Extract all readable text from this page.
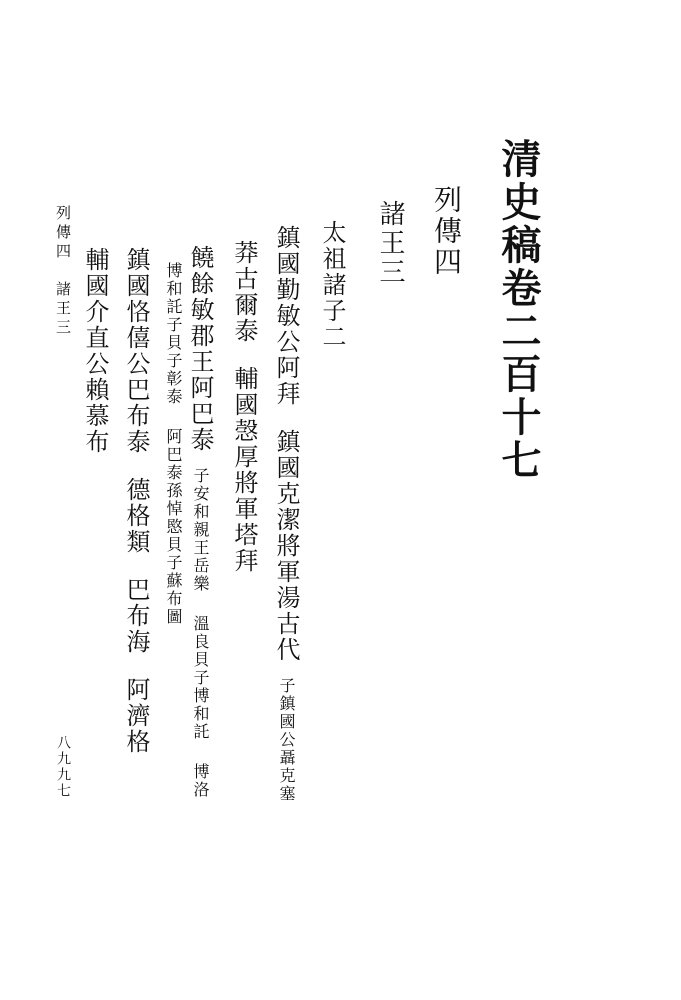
清史稿卷二百十七
列傳四
諸王三
太祖諸子二
鎮國勤敏公阿拜鎮國克潔將軍湯古代子鎮國公聶克塞
莽古爾泰輔國愨厚將軍塔拜
饒餘敏郡王阿巴泰子安和親王岳樂溫良貝子博和託博洛
博和託子貝子彰泰阿巴泰孫悼愍貝子蘇布圖
鎮國恪僖公巴布泰德格類巴布海阿濟格
輔國介直公賴慕布
列傳四　諸王三
八九九七
